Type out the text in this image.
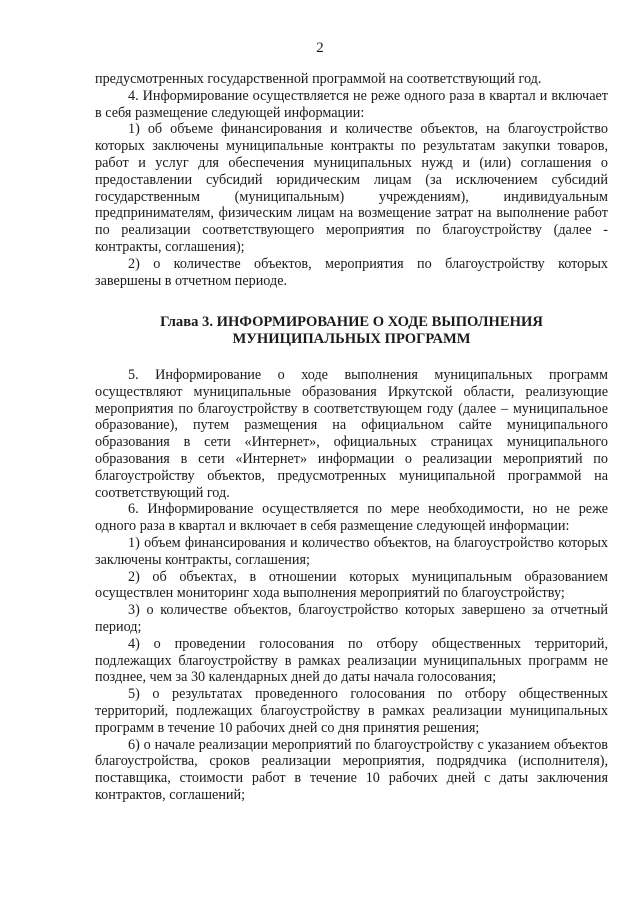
2

предусмотренных государственной программой на соответствующий год.

4. Информирование осуществляется не реже одного раза в квартал и включает в себя размещение следующей информации:

1) об объеме финансирования и количестве объектов, на благоустройство которых заключены муниципальные контракты по результатам закупки товаров, работ и услуг для обеспечения муниципальных нужд и (или) соглашения о предоставлении субсидий юридическим лицам (за исключением субсидий государственным (муниципальным) учреждениям), индивидуальным предпринимателям, физическим лицам на возмещение затрат на выполнение работ по реализации соответствующего мероприятия по благоустройству (далее - контракты, соглашения);

2) о количестве объектов, мероприятия по благоустройству которых завершены в отчетном периоде.

Глава 3. ИНФОРМИРОВАНИЕ О ХОДЕ ВЫПОЛНЕНИЯ
МУНИЦИПАЛЬНЫХ ПРОГРАММ

5. Информирование о ходе выполнения муниципальных программ осуществляют муниципальные образования Иркутской области, реализующие мероприятия по благоустройству в соответствующем году (далее – муниципальное образование), путем размещения на официальном сайте муниципального образования в сети «Интернет», официальных страницах муниципального образования в сети «Интернет» информации о реализации мероприятий по благоустройству объектов, предусмотренных муниципальной программой на соответствующий год.

6. Информирование осуществляется по мере необходимости, но не реже одного раза в квартал и включает в себя размещение следующей информации:

1) объем финансирования и количество объектов, на благоустройство которых заключены контракты, соглашения;

2) об объектах, в отношении которых муниципальным образованием осуществлен мониторинг хода выполнения мероприятий по благоустройству;

3) о количестве объектов, благоустройство которых завершено за отчетный период;

4) о проведении голосования по отбору общественных территорий, подлежащих благоустройству в рамках реализации муниципальных программ не позднее, чем за 30 календарных дней до даты начала голосования;

5) о результатах проведенного голосования по отбору общественных территорий, подлежащих благоустройству в рамках реализации муниципальных программ в течение 10 рабочих дней со дня принятия решения;

6) о начале реализации мероприятий по благоустройству с указанием объектов благоустройства, сроков реализации мероприятия, подрядчика (исполнителя), поставщика, стоимости работ в течение 10 рабочих дней с даты заключения контрактов, соглашений;
